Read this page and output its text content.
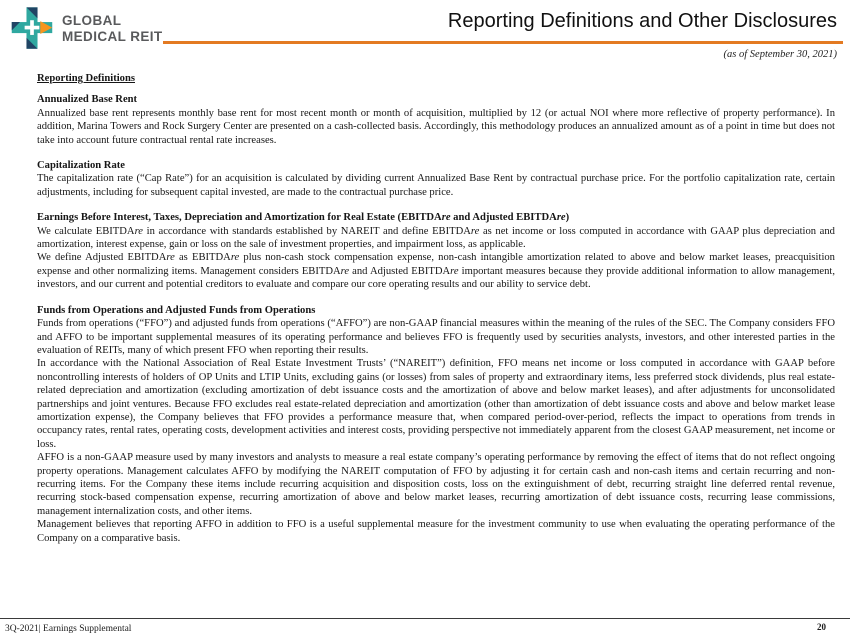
GLOBAL
MEDICAL REIT
Reporting Definitions and Other Disclosures
(as of September 30, 2021)
Reporting Definitions
Annualized Base Rent

Annualized base rent represents monthly base rent for most recent month or month of acquisition, multiplied by 12 (or actual NOI where more reflective of property performance). In addition, Marina Towers and Rock Surgery Center are presented on a cash-collected basis. Accordingly, this methodology produces an annualized amount as of a point in time but does not take into account future contractual rental rate increases.

Capitalization Rate

The capitalization rate (“Cap Rate”) for an acquisition is calculated by dividing current Annualized Base Rent by contractual purchase price. For the portfolio capitalization rate, certain adjustments, including for subsequent capital invested, are made to the contractual purchase price.

Earnings Before Interest, Taxes, Depreciation and Amortization for Real Estate (EBITDAre and Adjusted EBITDAre)

We calculate EBITDAre in accordance with standards established by NAREIT and define EBITDAre as net income or loss computed in accordance with GAAP plus depreciation and amortization, interest expense, gain or loss on the sale of investment properties, and impairment loss, as applicable.

We define Adjusted EBITDAre as EBITDAre plus non-cash stock compensation expense, non-cash intangible amortization related to above and below market leases, preacquisition expense and other normalizing items. Management considers EBITDAre and Adjusted EBITDAre important measures because they provide additional information to allow management, investors, and our current and potential creditors to evaluate and compare our core operating results and our ability to service debt.

Funds from Operations and Adjusted Funds from Operations

Funds from operations (“FFO”) and adjusted funds from operations (“AFFO”) are non-GAAP financial measures within the meaning of the rules of the SEC. The Company considers FFO and AFFO to be important supplemental measures of its operating performance and believes FFO is frequently used by securities analysts, investors, and other interested parties in the evaluation of REITs, many of which present FFO when reporting their results.

In accordance with the National Association of Real Estate Investment Trusts’ (“NAREIT”) definition, FFO means net income or loss computed in accordance with GAAP before noncontrolling interests of holders of OP Units and LTIP Units, excluding gains (or losses) from sales of property and extraordinary items, less preferred stock dividends, plus real estate-related depreciation and amortization (excluding amortization of debt issuance costs and the amortization of above and below market leases), and after adjustments for unconsolidated partnerships and joint ventures. Because FFO excludes real estate-related depreciation and amortization (other than amortization of debt issuance costs and above and below market lease amortization expense), the Company believes that FFO provides a performance measure that, when compared period-over-period, reflects the impact to operations from trends in occupancy rates, rental rates, operating costs, development activities and interest costs, providing perspective not immediately apparent from the closest GAAP measurement, net income or loss.

AFFO is a non-GAAP measure used by many investors and analysts to measure a real estate company’s operating performance by removing the effect of items that do not reflect ongoing property operations. Management calculates AFFO by modifying the NAREIT computation of FFO by adjusting it for certain cash and non-cash items and certain recurring and non-recurring items. For the Company these items include recurring acquisition and disposition costs, loss on the extinguishment of debt, recurring straight line deferred rental revenue, recurring stock-based compensation expense, recurring amortization of above and below market leases, recurring amortization of debt issuance costs, recurring lease commissions, management internalization costs, and other items.

Management believes that reporting AFFO in addition to FFO is a useful supplemental measure for the investment community to use when evaluating the operating performance of the Company on a comparative basis.

3Q-2021| Earnings Supplemental	20
